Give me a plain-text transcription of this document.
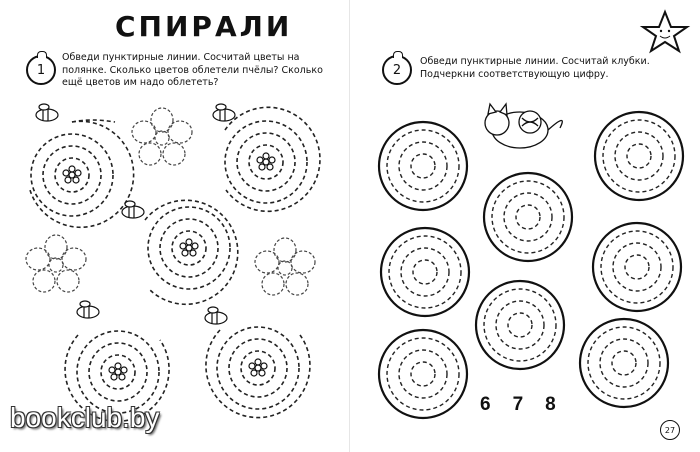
СПИРАЛИ
1
Обведи пунктирные линии. Сосчитай цветы на полянке. Сколько цветов облетели пчёлы? Сколько ещё цветов им надо облететь?
2
Обведи пунктирные линии. Сосчитай клубки. Подчеркни соответствующую цифру.
6 7 8
27
bookclub.by
